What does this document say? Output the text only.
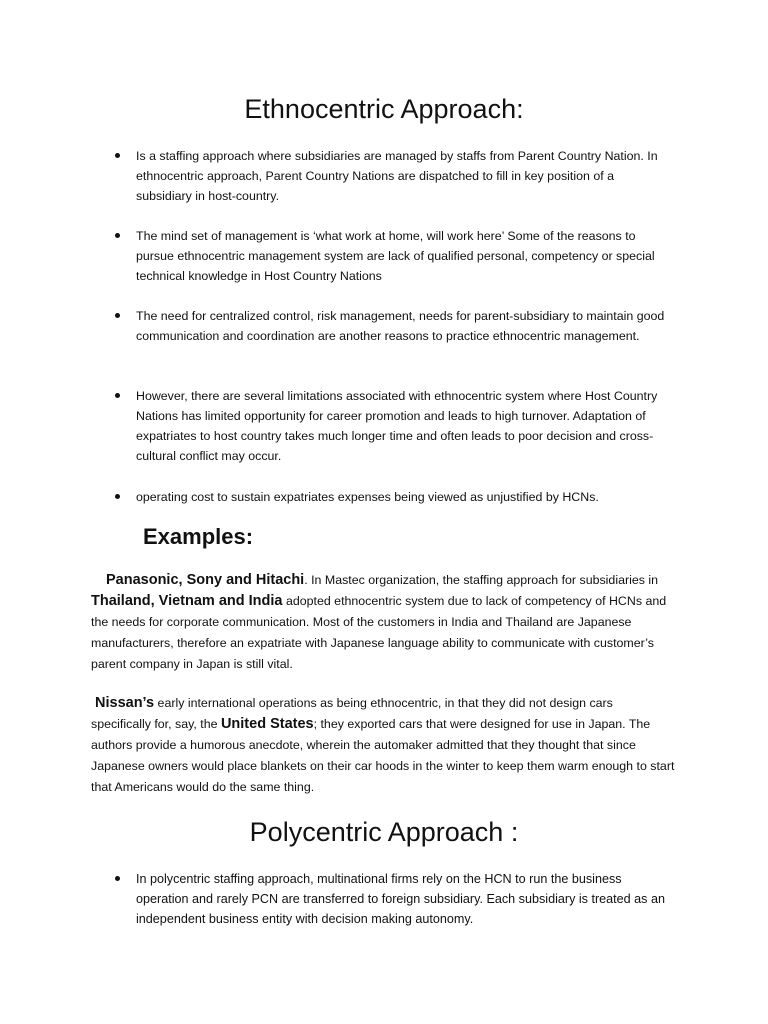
Ethnocentric Approach:
Is a staffing approach where subsidiaries are managed by staffs from Parent Country Nation. In ethnocentric approach, Parent Country Nations are dispatched to fill in key position of a subsidiary in host-country.
The mind set of management is ‘what work at home, will work here’ Some of the reasons to pursue ethnocentric management system are lack of qualified personal, competency or special technical knowledge in Host Country Nations
The need for centralized control, risk management, needs for parent-subsidiary to maintain good communication and coordination are another reasons to practice ethnocentric management.
However, there are several limitations associated with ethnocentric system where Host Country Nations has limited opportunity for career promotion and leads to high turnover. Adaptation of expatriates to host country takes much longer time and often leads to poor decision and cross-cultural conflict may occur.
operating cost to sustain expatriates expenses being viewed as unjustified by HCNs.
Examples:

Panasonic, Sony and Hitachi. In Mastec organization, the staffing approach for subsidiaries in
Thailand, Vietnam and India adopted ethnocentric system due to lack of competency of HCNs and the needs for corporate communication. Most of the customers in India and Thailand are Japanese manufacturers, therefore an expatriate with Japanese language ability to communicate with customer’s parent company in Japan is still vital.

Nissan’s early international operations as being ethnocentric, in that they did not design cars specifically for, say, the United States; they exported cars that were designed for use in Japan. The authors provide a humorous anecdote, wherein the automaker admitted that they thought that since Japanese owners would place blankets on their car hoods in the winter to keep them warm enough to start that Americans would do the same thing.

Polycentric Approach :
In polycentric staffing approach, multinational firms rely on the HCN to run the business operation and rarely PCN are transferred to foreign subsidiary. Each subsidiary is treated as an independent business entity with decision making autonomy.
